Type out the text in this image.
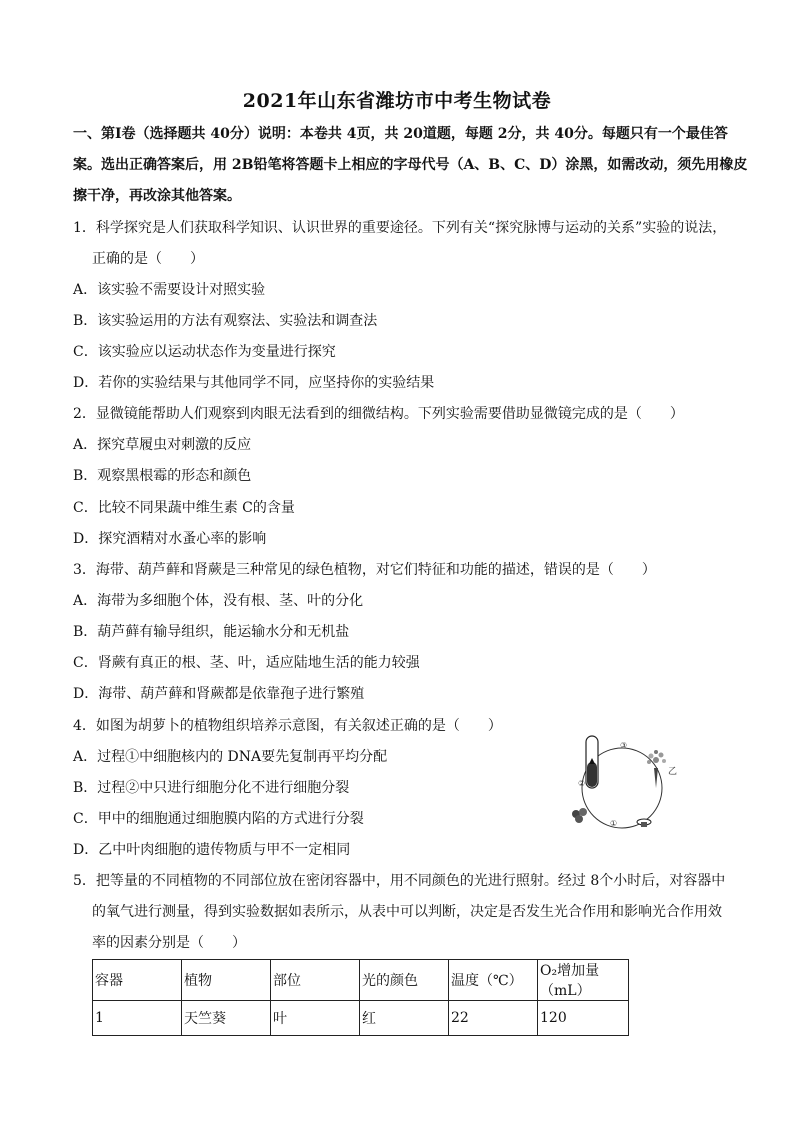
2021年山东省潍坊市中考生物试卷
一、第Ⅰ卷（选择题共 40分）说明：本卷共 4页，共 20道题，每题 2分，共 40分。每题只有一个最佳答
案。选出正确答案后，用 2B铅笔将答题卡上相应的字母代号（A、B、C、D）涂黑，如需改动，须先用橡皮
擦干净，再改涂其他答案。
1．科学探究是人们获取科学知识、认识世界的重要途径。下列有关“探究脉博与运动的关系”实验的说法，
正确的是（　　）
A．该实验不需要设计对照实验
B．该实验运用的方法有观察法、实验法和调查法
C．该实验应以运动状态作为变量进行探究
D．若你的实验结果与其他同学不同，应坚持你的实验结果
2．显微镜能帮助人们观察到肉眼无法看到的细微结构。下列实验需要借助显微镜完成的是（　　）
A．探究草履虫对刺激的反应
B．观察黑根霉的形态和颜色
C．比较不同果蔬中维生素 C的含量
D．探究酒精对水蚤心率的影响
3．海带、葫芦藓和肾蕨是三种常见的绿色植物，对它们特征和功能的描述，错误的是（　　）
A．海带为多细胞个体，没有根、茎、叶的分化
B．葫芦藓有输导组织，能运输水分和无机盐
C．肾蕨有真正的根、茎、叶，适应陆地生活的能力较强
D．海带、葫芦藓和肾蕨都是依靠孢子进行繁殖
4．如图为胡萝卜的植物组织培养示意图，有关叙述正确的是（　　）
A．过程①中细胞核内的 DNA要先复制再平均分配
B．过程②中只进行细胞分化不进行细胞分裂
C．甲中的细胞通过细胞膜内陷的方式进行分裂
D．乙中叶肉细胞的遗传物质与甲不一定相同
③
②
①
乙
5．把等量的不同植物的不同部位放在密闭容器中，用不同颜色的光进行照射。经过 8个小时后，对容器中
的氧气进行测量，得到实验数据如表所示，从表中可以判断，决定是否发生光合作用和影响光合作用效
率的因素分别是（　　）
容器	植物	部位	光的颜色	温度（℃）	O₂增加量（mL）
1	天竺葵	叶	红	22	120
